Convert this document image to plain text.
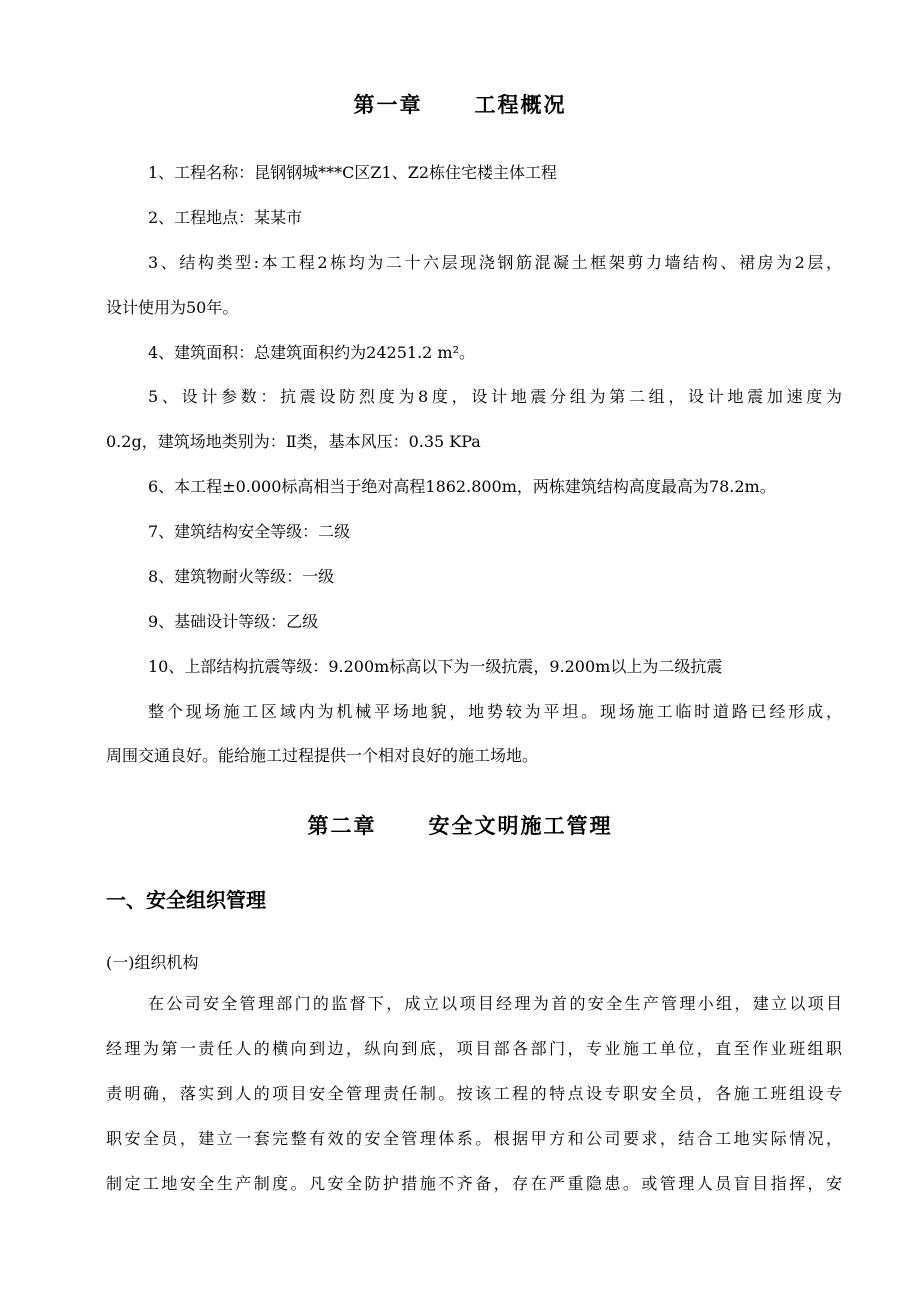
第一章 工程概况
1、工程名称：昆钢钢城***C区Z1、Z2栋住宅楼主体工程
2、工程地点：某某市
3、结构类型:本工程2栋均为二十六层现浇钢筋混凝土框架剪力墙结构、裙房为2层，
设计使用为50年。
4、建筑面积：总建筑面积约为24251.2 m²。
5、设计参数：抗震设防烈度为8度，设计地震分组为第二组，设计地震加速度为
0.2g，建筑场地类别为：Ⅱ类，基本风压：0.35 KPa
6、本工程±0.000标高相当于绝对高程1862.800m，两栋建筑结构高度最高为78.2m。
7、建筑结构安全等级：二级
8、建筑物耐火等级：一级
9、基础设计等级：乙级
10、上部结构抗震等级：9.200m标高以下为一级抗震，9.200m以上为二级抗震
整个现场施工区域内为机械平场地貌，地势较为平坦。现场施工临时道路已经形成，
周围交通良好。能给施工过程提供一个相对良好的施工场地。
第二章 安全文明施工管理
一、安全组织管理
(一)组织机构
在公司安全管理部门的监督下，成立以项目经理为首的安全生产管理小组，建立以项目
经理为第一责任人的横向到边，纵向到底，项目部各部门，专业施工单位，直至作业班组职
责明确，落实到人的项目安全管理责任制。按该工程的特点设专职安全员，各施工班组设专
职安全员，建立一套完整有效的安全管理体系。根据甲方和公司要求，结合工地实际情况，
制定工地安全生产制度。凡安全防护措施不齐备，存在严重隐患。或管理人员盲目指挥，安
